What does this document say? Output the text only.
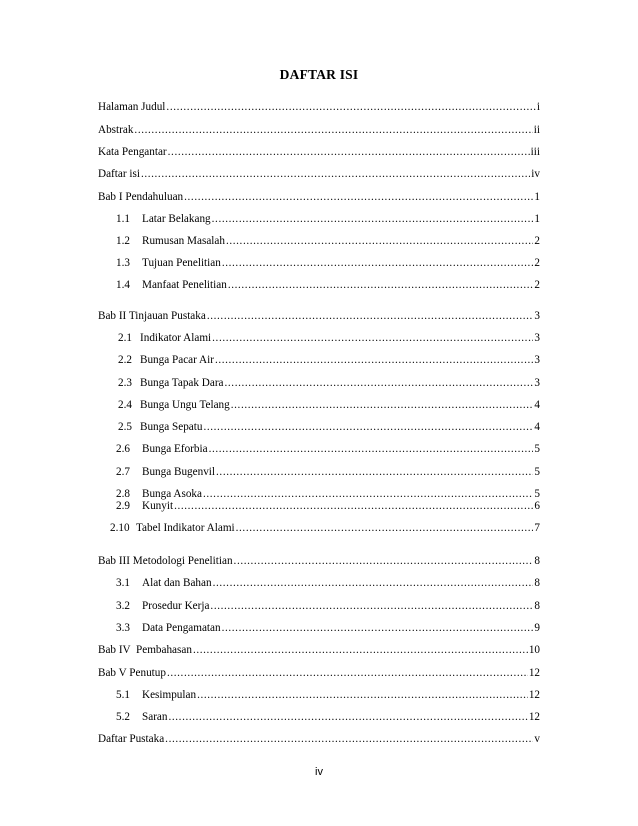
DAFTAR ISI
Halaman Judul .....	i
Abstrak .....	ii
Kata Pengantar .....	iii
Daftar isi .....	iv
Bab I Pendahuluan .....	1
1.1 Latar Belakang .....	1
1.2 Rumusan Masalah .....	2
1.3 Tujuan Penelitian .....	2
1.4 Manfaat Penelitian .....	2
Bab II Tinjauan Pustaka .....	3
2.1 Indikator Alami .....	3
2.2 Bunga Pacar Air .....	3
2.3 Bunga Tapak Dara .....	3
2.4 Bunga Ungu Telang .....	4
2.5 Bunga Sepatu .....	4
2.6 Bunga Eforbia .....	5
2.7 Bunga Bugenvil .....	5
2.8 Bunga Asoka .....	5
2.9 Kunyit .....	6
2.10 Tabel Indikator Alami .....	7
Bab III Metodologi Penelitian .....	8
3.1 Alat dan Bahan .....	8
3.2 Prosedur Kerja .....	8
3.3 Data Pengamatan .....	9
Bab IV  Pembahasan .....	10
Bab V Penutup .....	12
5.1 Kesimpulan .....	12
5.2 Saran .....	12
Daftar Pustaka .....	v
iv
